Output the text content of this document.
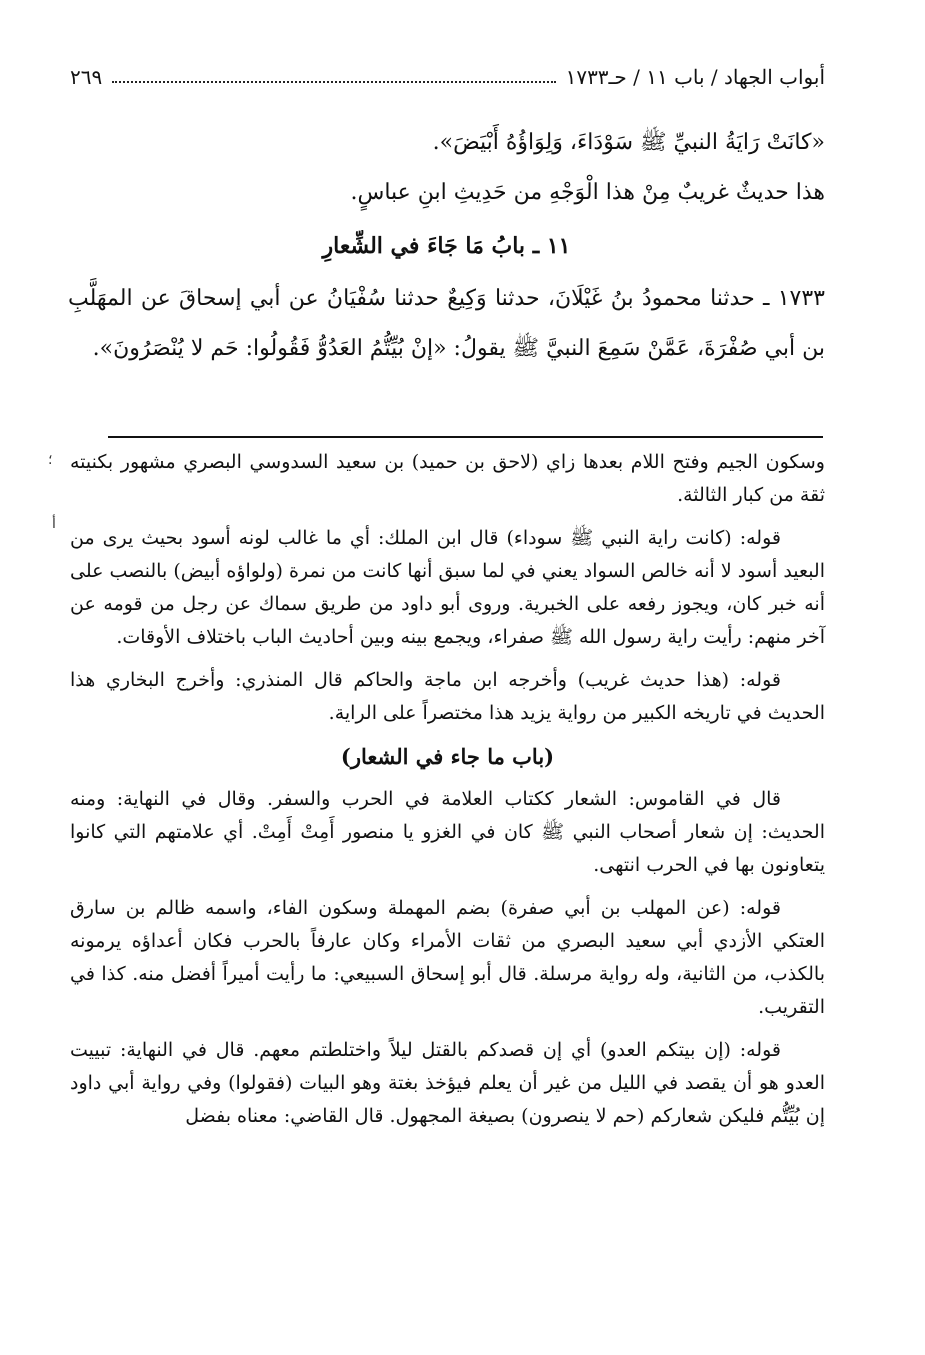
أبواب الجهاد / باب ١١ / حـ١٧٣٣
٢٦٩

«كانَتْ رَايَةُ النبيِّ ﷺ سَوْدَاءَ، وَلِوَاؤُهُ أَبْيَضَ».

هذا حديثٌ غريبٌ مِنْ هذا الْوَجْهِ من حَدِيثِ ابنِ عباسٍ.

١١ ـ بابُ مَا جَاءَ في الشِّعارِ

١٧٣٣ ـ حدثنا محمودُ بنُ غَيْلَانَ، حدثنا وَكِيعٌ حدثنا سُفْيَانُ عن أبي إسحاقَ عن المهَلَّبِ بن أبي صُفْرَةَ، عَمَّنْ سَمِعَ النبيَّ ﷺ يقولُ: «إنْ بُيِّتُّمُ العَدُوُّ فَقُولُوا: حَم لا يُنْصَرُونَ».

؛
أ

وسكون الجيم وفتح اللام بعدها زاي (لاحق بن حميد) بن سعيد السدوسي البصري مشهور بكنيته ثقة من كبار الثالثة.

قوله: (كانت راية النبي ﷺ سوداء) قال ابن الملك: أي ما غالب لونه أسود بحيث يرى من البعيد أسود لا أنه خالص السواد يعني في لما سبق أنها كانت من نمرة (ولواؤه أبيض) بالنصب على أنه خبر كان، ويجوز رفعه على الخبرية. وروى أبو داود من طريق سماك عن رجل من قومه عن آخر منهم: رأيت راية رسول الله ﷺ صفراء، ويجمع بينه وبين أحاديث الباب باختلاف الأوقات.

قوله: (هذا حديث غريب) وأخرجه ابن ماجة والحاكم قال المنذري: وأخرج البخاري هذا الحديث في تاريخه الكبير من رواية يزيد هذا مختصراً على الراية.

(باب ما جاء في الشعار)

قال في القاموس: الشعار ككتاب العلامة في الحرب والسفر. وقال في النهاية: ومنه الحديث: إن شعار أصحاب النبي ﷺ كان في الغزو يا منصور أَمِتْ أَمِتْ. أي علامتهم التي كانوا يتعاونون بها في الحرب انتهى.

قوله: (عن المهلب بن أبي صفرة) بضم المهملة وسكون الفاء، واسمه ظالم بن سارق العتكي الأزدي أبي سعيد البصري من ثقات الأمراء وكان عارفاً بالحرب فكان أعداؤه يرمونه بالكذب، من الثانية، وله رواية مرسلة. قال أبو إسحاق السبيعي: ما رأيت أميراً أفضل منه. كذا في التقريب.

قوله: (إن بيتكم العدو) أي إن قصدكم بالقتل ليلاً واختلطتم معهم. قال في النهاية: تبييت العدو هو أن يقصد في الليل من غير أن يعلم فيؤخذ بغتة وهو البيات (فقولوا) وفي رواية أبي داود إن بُيِّتُّم فليكن شعاركم (حم لا ينصرون) بصيغة المجهول. قال القاضي: معناه بفضل
